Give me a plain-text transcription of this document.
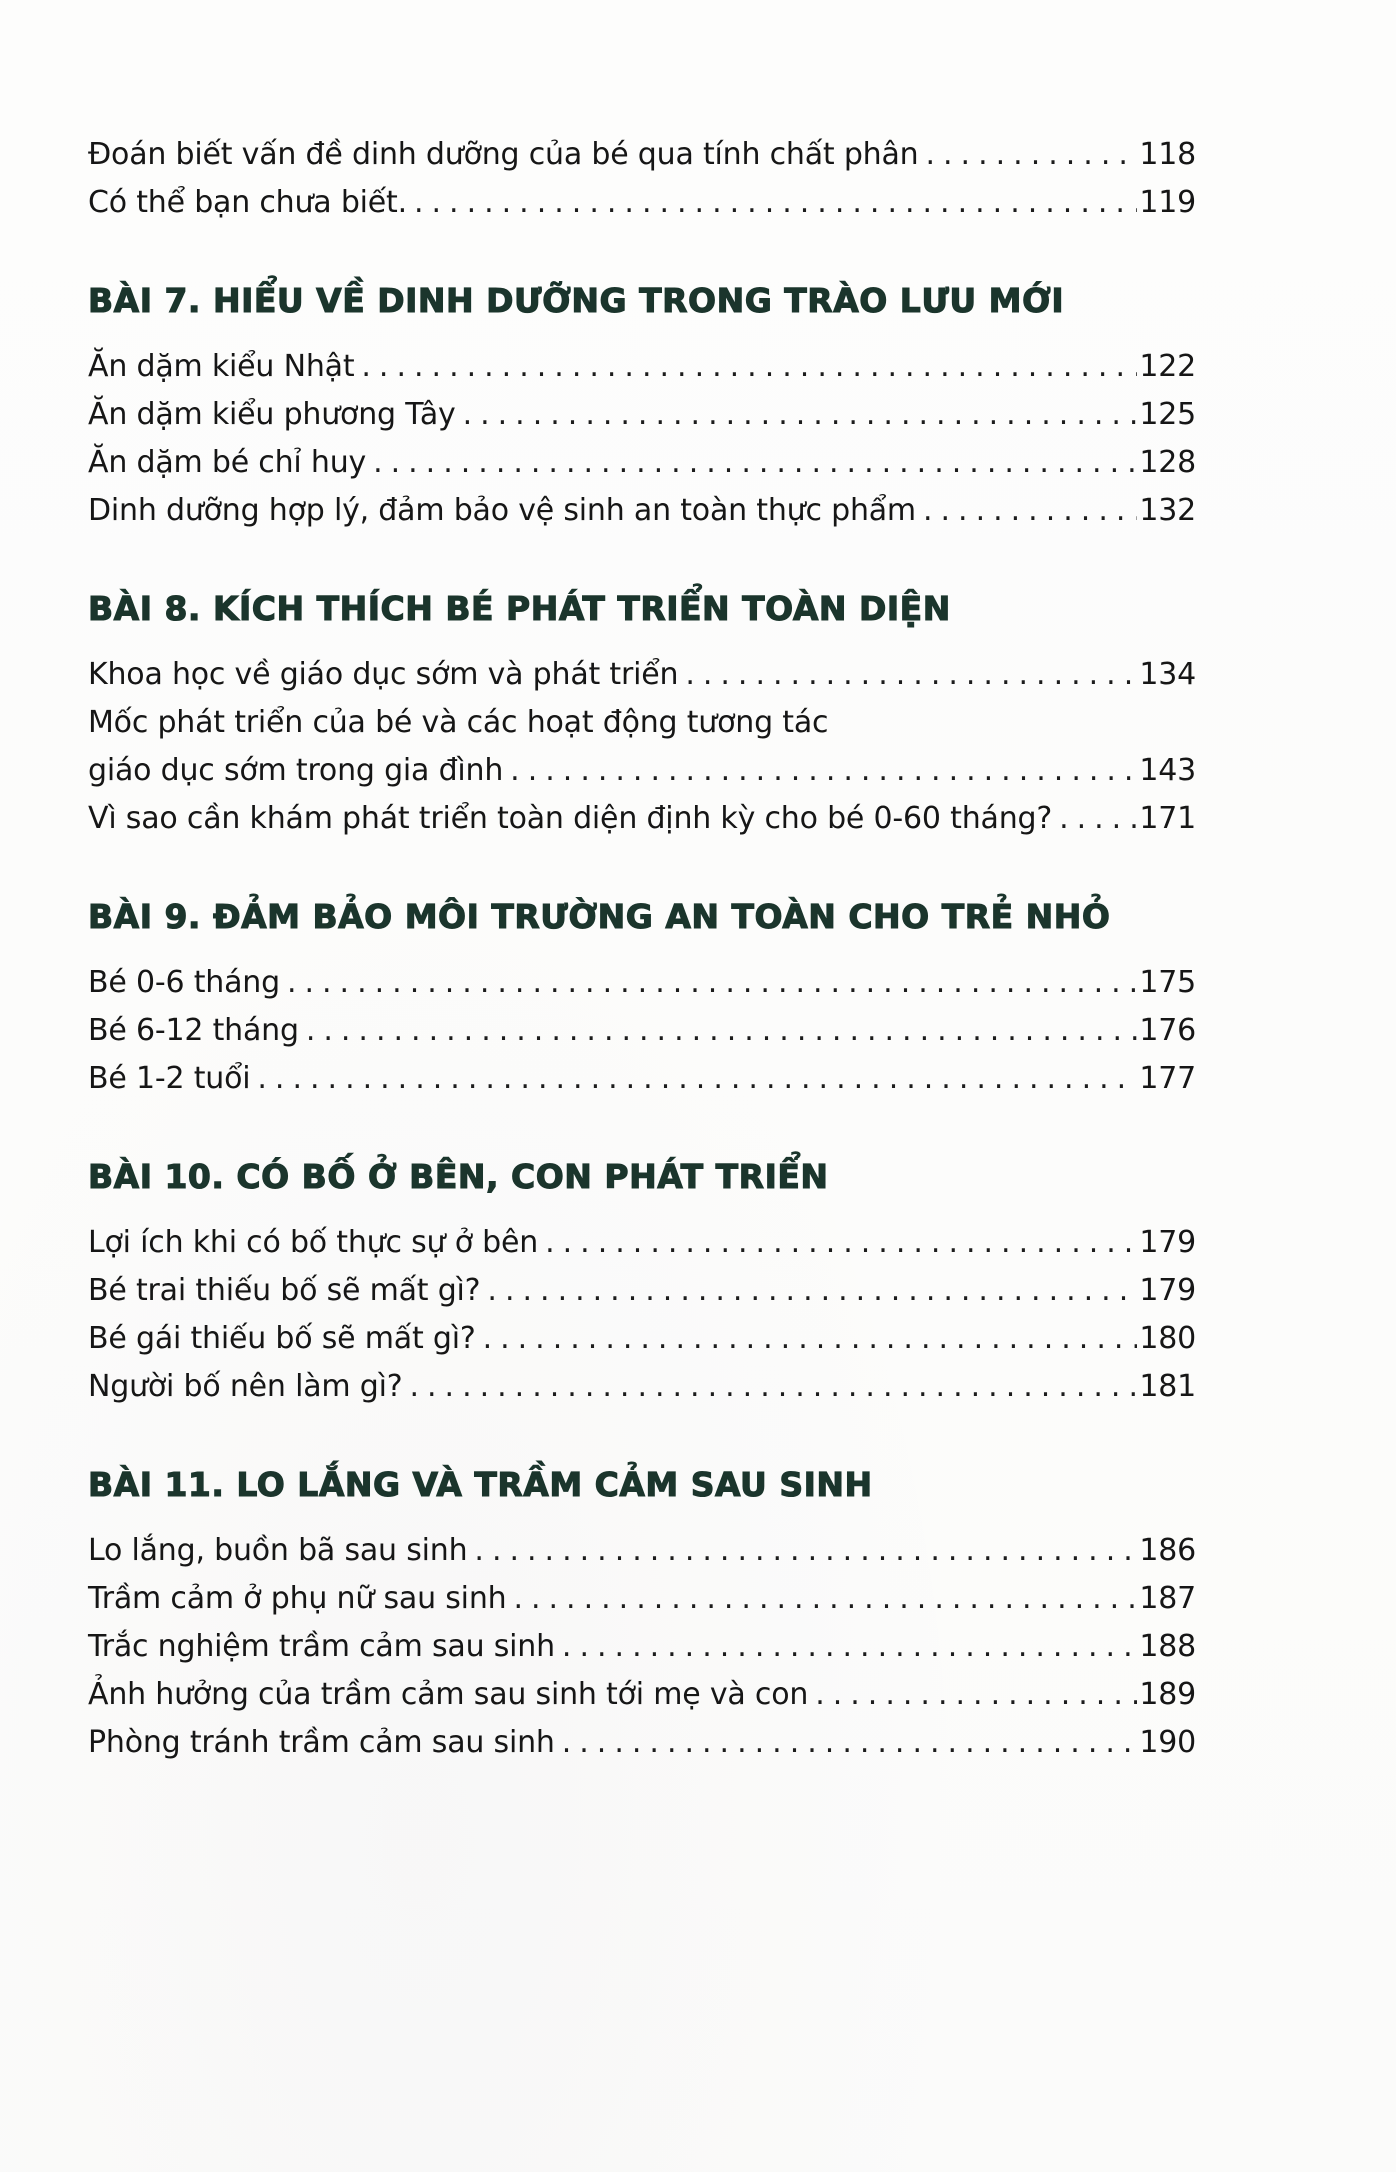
Đoán biết vấn đề dinh dưỡng của bé qua tính chất phân .....	118
Có thể bạn chưa biết. .....	119
BÀI 7. HIỂU VỀ DINH DƯỠNG TRONG TRÀO LƯU MỚI
Ăn dặm kiểu Nhật .....	122
Ăn dặm kiểu phương Tây .....	125
Ăn dặm bé chỉ huy .....	128
Dinh dưỡng hợp lý, đảm bảo vệ sinh an toàn thực phẩm .....	132
BÀI 8. KÍCH THÍCH BÉ PHÁT TRIỂN TOÀN DIỆN
Khoa học về giáo dục sớm và phát triển .....	134
Mốc phát triển của bé và các hoạt động tương tác
giáo dục sớm trong gia đình .....	143
Vì sao cần khám phát triển toàn diện định kỳ cho bé 0-60 tháng? .....	171
BÀI 9. ĐẢM BẢO MÔI TRƯỜNG AN TOÀN CHO TRẺ NHỎ
Bé 0-6 tháng .....	175
Bé 6-12 tháng .....	176
Bé 1-2 tuổi .....	177
BÀI 10. CÓ BỐ Ở BÊN, CON PHÁT TRIỂN
Lợi ích khi có bố thực sự ở bên .....	179
Bé trai thiếu bố sẽ mất gì? .....	179
Bé gái thiếu bố sẽ mất gì? .....	180
Người bố nên làm gì? .....	181
BÀI 11. LO LẮNG VÀ TRẦM CẢM SAU SINH
Lo lắng, buồn bã sau sinh .....	186
Trầm cảm ở phụ nữ sau sinh .....	187
Trắc nghiệm trầm cảm sau sinh .....	188
Ảnh hưởng của trầm cảm sau sinh tới mẹ và con .....	189
Phòng tránh trầm cảm sau sinh .....	190
